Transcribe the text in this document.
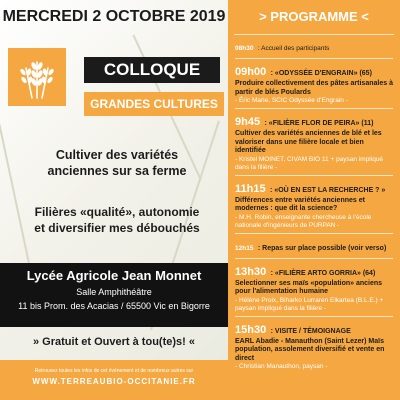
MERCREDI 2 OCTOBRE 2019
COLLOQUE
GRANDES CULTURES
Cultiver des variétés
anciennes sur sa ferme
Filières «qualité», autonomie
et diversifier mes débouchés
Lycée Agricole Jean Monnet
Salle Amphithéâtre
11 bis Prom. des Acacias / 65500 Vic en Bigorre
» Gratuit et Ouvert à tou(te)s! «
Retrouvez toutes les infos de cet évènement et de nombreux autres sur
WWW.TERREAUBIO-OCCITANIE.FR
> PROGRAMME <
08h30 : Accueil des participants
09h00 : «ODYSSÉE D'ENGRAIN» (65)
Produire collectivement des pâtes artisanales à partir de blés Poulards
- Éric Marie, SCIC Odyssée d'Engrain -
9h45 : «FILIÈRE FLOR DE PEIRA» (11)
Cultiver des variétés anciennes de blé et les valoriser dans une filière locale et bien identifiée
- Kristel MOINET, CIVAM BIO 11 + paysan impliqué dans la filière -
11h15 : «OÙ EN EST LA RECHERCHE ? »
Différences entre variétés anciennes et modernes : que dit la science?
- M.H. Robin, enseignante chercheuse à l'école nationale d'ingénieurs de PURPAN -
12h15 : Repas sur place possible (voir verso)
13h30 : «FILIÈRE ARTO GORRIA» (64)
Selectionner ses maïs «population» anciens pour l'alimentation humaine
- Hélène Proix, Biharko Lurraren Elkartea (B.L.E.) + paysan impliqué dans la filière -
15h30 : VISITE / TÉMOIGNAGE
EARL Abadie - Manauthon (Saint Lezer) Maïs population, assolement diversifié et vente en direct
- Christian Manauthon, paysan -
